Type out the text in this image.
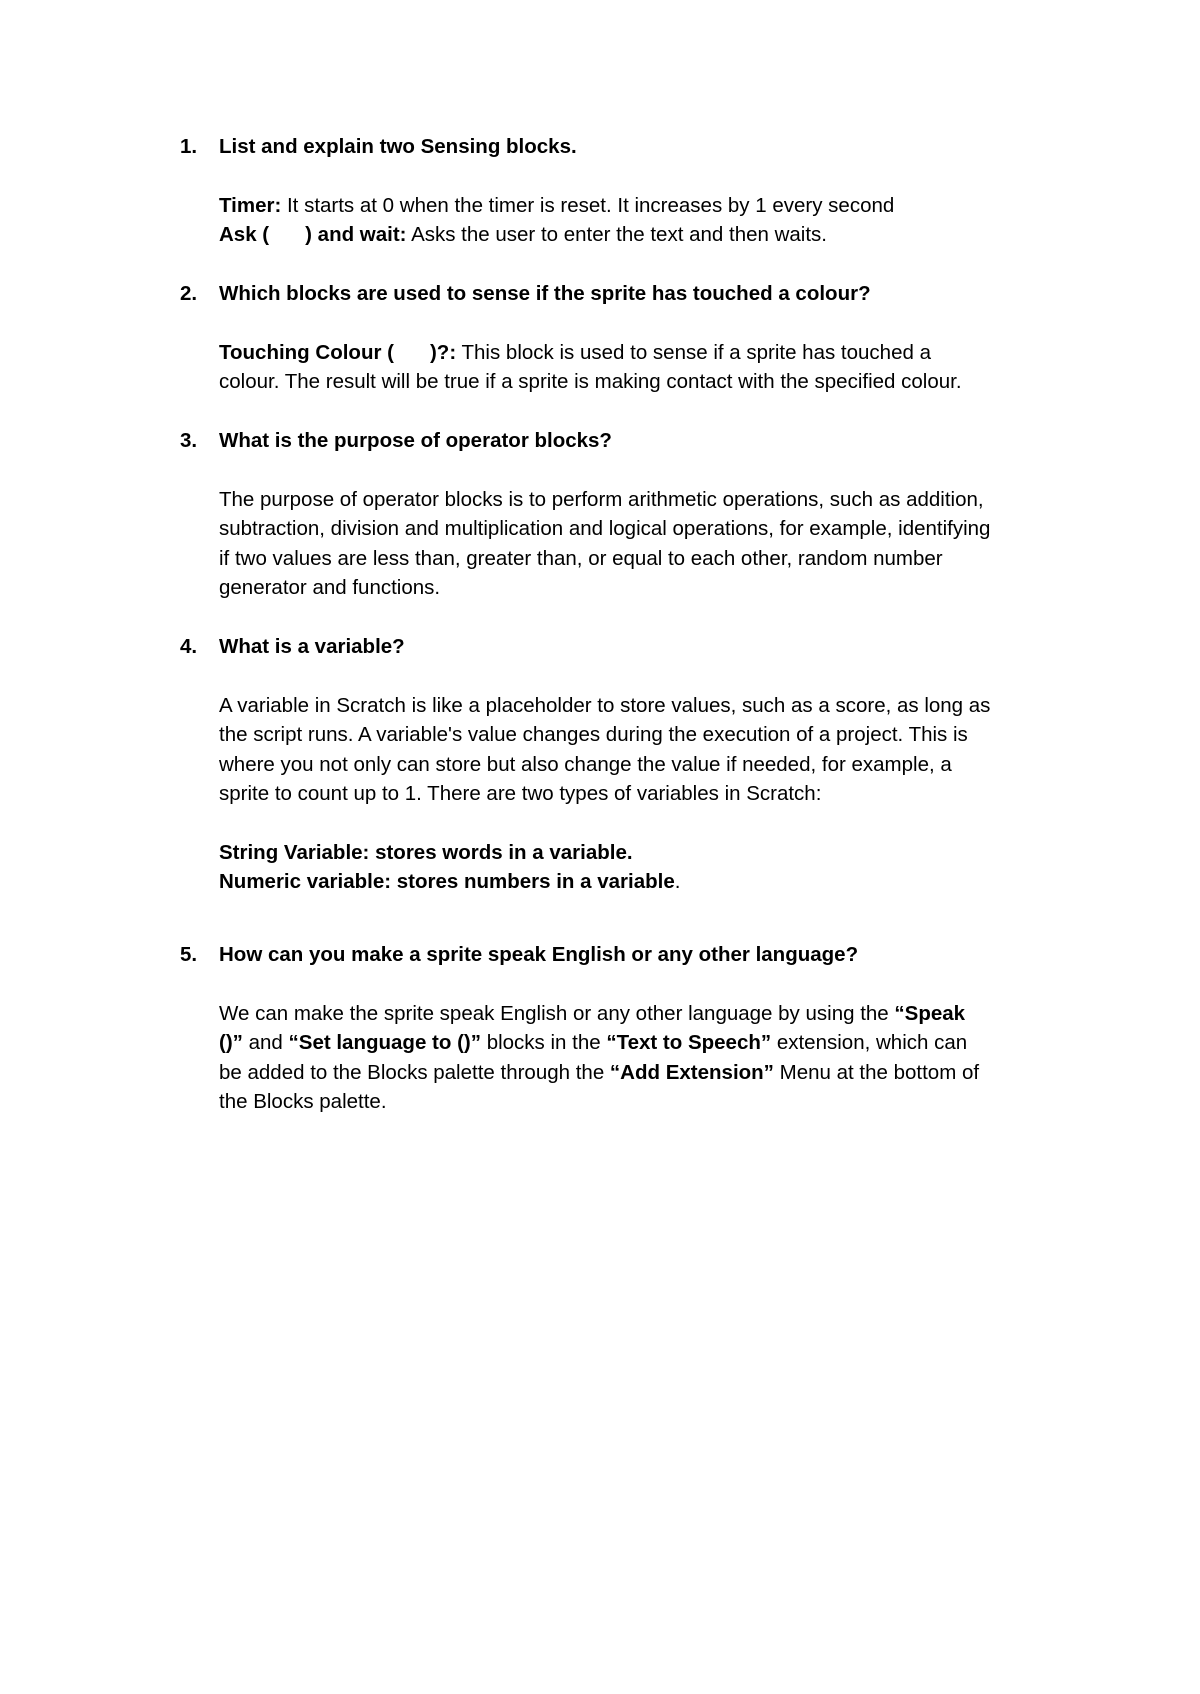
1.	List and explain two Sensing blocks.
Timer: It starts at 0 when the timer is reset. It increases by 1 every second
Ask ( ) and wait: Asks the user to enter the text and then waits.
2.	Which blocks are used to sense if the sprite has touched a colour?
Touching Colour ( )?: This block is used to sense if a sprite has touched a
colour. The result will be true if a sprite is making contact with the specified colour.
3.	What is the purpose of operator blocks?
The purpose of operator blocks is to perform arithmetic operations, such as addition,
subtraction, division and multiplication and logical operations, for example, identifying
if two values are less than, greater than, or equal to each other, random number
generator and functions.
4.	What is a variable?
A variable in Scratch is like a placeholder to store values, such as a score, as long as
the script runs. A variable's value changes during the execution of a project. This is
where you not only can store but also change the value if needed, for example, a
sprite to count up to 1. There are two types of variables in Scratch:
String Variable: stores words in a variable.
Numeric variable: stores numbers in a variable.
5.	How can you make a sprite speak English or any other language?
We can make the sprite speak English or any other language by using the “Speak
()” and “Set language to ()” blocks in the “Text to Speech” extension, which can
be added to the Blocks palette through the “Add Extension” Menu at the bottom of
the Blocks palette.
